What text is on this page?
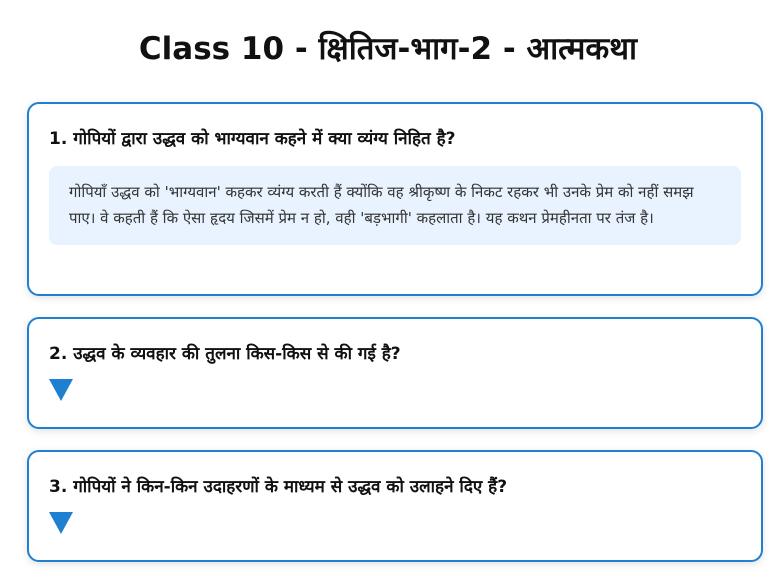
Class 10 - क्षितिज-भाग-2 - आत्मकथा
1. गोपियों द्वारा उद्धव को भाग्यवान कहने में क्या व्यंग्य निहित है?
गोपियाँ उद्धव को 'भाग्यवान' कहकर व्यंग्य करती हैं क्योंकि वह श्रीकृष्ण के निकट रहकर भी उनके प्रेम को नहीं समझ पाए। वे कहती हैं कि ऐसा हृदय जिसमें प्रेम न हो, वही 'बड़भागी' कहलाता है। यह कथन प्रेमहीनता पर तंज है।
2. उद्धव के व्यवहार की तुलना किस-किस से की गई है?
3. गोपियों ने किन-किन उदाहरणों के माध्यम से उद्धव को उलाहने दिए हैं?
